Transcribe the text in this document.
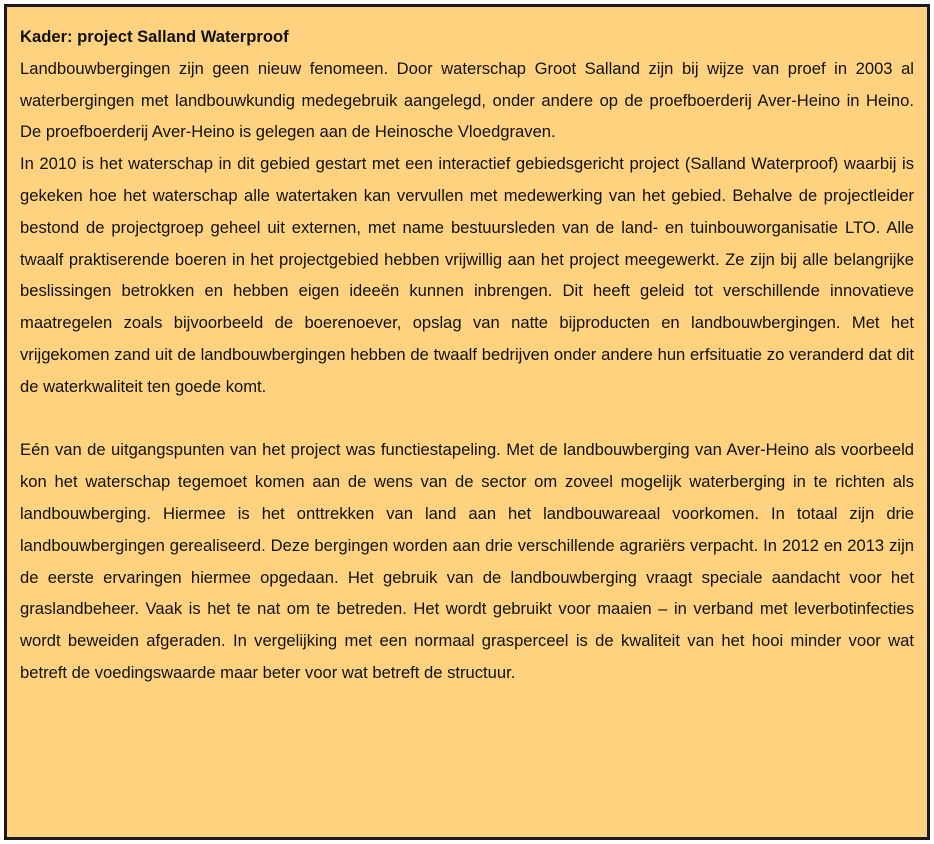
Kader: project Salland Waterproof

Landbouwbergingen zijn geen nieuw fenomeen. Door waterschap Groot Salland zijn bij wijze van proef in 2003 al waterbergingen met landbouwkundig medegebruik aangelegd, onder andere op de proefboerderij Aver-Heino in Heino. De proefboerderij Aver-Heino is gelegen aan de Heinosche Vloedgraven.

In 2010 is het waterschap in dit gebied gestart met een interactief gebiedsgericht project (Salland Waterproof) waarbij is gekeken hoe het waterschap alle watertaken kan vervullen met medewerking van het gebied. Behalve de projectleider bestond de projectgroep geheel uit externen, met name bestuursleden van de land- en tuinbouworganisatie LTO. Alle twaalf praktiserende boeren in het projectgebied hebben vrijwillig aan het project meegewerkt. Ze zijn bij alle belangrijke beslissingen betrokken en hebben eigen ideeën kunnen inbrengen. Dit heeft geleid tot verschillende innovatieve maatregelen zoals bijvoorbeeld de boerenoever, opslag van natte bijproducten en landbouwbergingen. Met het vrijgekomen zand uit de landbouwbergingen hebben de twaalf bedrijven onder andere hun erfsituatie zo veranderd dat dit de waterkwaliteit ten goede komt.

Eén van de uitgangspunten van het project was functiestapeling. Met de landbouwberging van Aver-Heino als voorbeeld kon het waterschap tegemoet komen aan de wens van de sector om zoveel mogelijk waterberging in te richten als landbouwberging. Hiermee is het onttrekken van land aan het landbouwareaal voorkomen. In totaal zijn drie landbouwbergingen gerealiseerd. Deze bergingen worden aan drie verschillende agrariërs verpacht. In 2012 en 2013 zijn de eerste ervaringen hiermee opgedaan. Het gebruik van de landbouwberging vraagt speciale aandacht voor het graslandbeheer. Vaak is het te nat om te betreden. Het wordt gebruikt voor maaien – in verband met leverbotinfecties wordt beweiden afgeraden. In vergelijking met een normaal grasperceel is de kwaliteit van het hooi minder voor wat betreft de voedingswaarde maar beter voor wat betreft de structuur.
